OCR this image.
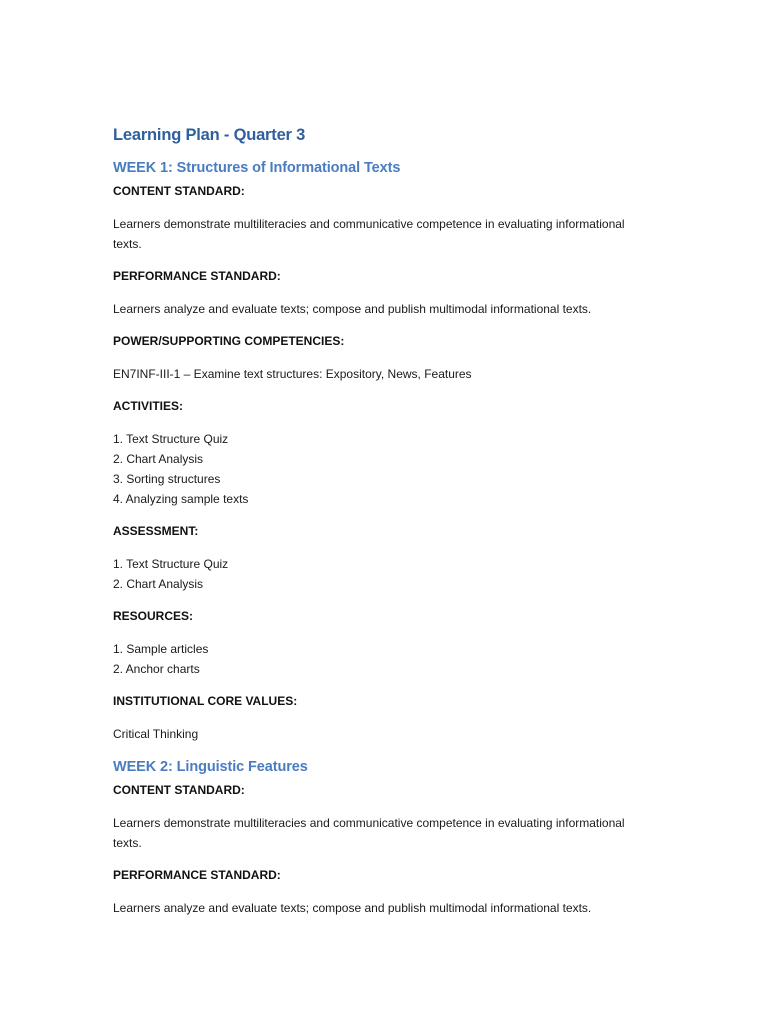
Learning Plan - Quarter 3
WEEK 1: Structures of Informational Texts
CONTENT STANDARD:

Learners demonstrate multiliteracies and communicative competence in evaluating informational texts.

PERFORMANCE STANDARD:

Learners analyze and evaluate texts; compose and publish multimodal informational texts.

POWER/SUPPORTING COMPETENCIES:

EN7INF-III-1 – Examine text structures: Expository, News, Features

ACTIVITIES:
1. Text Structure Quiz
2. Chart Analysis
3. Sorting structures
4. Analyzing sample texts
ASSESSMENT:
1. Text Structure Quiz
2. Chart Analysis
RESOURCES:
1. Sample articles
2. Anchor charts
INSTITUTIONAL CORE VALUES:

Critical Thinking

WEEK 2: Linguistic Features
CONTENT STANDARD:

Learners demonstrate multiliteracies and communicative competence in evaluating informational texts.

PERFORMANCE STANDARD:

Learners analyze and evaluate texts; compose and publish multimodal informational texts.
